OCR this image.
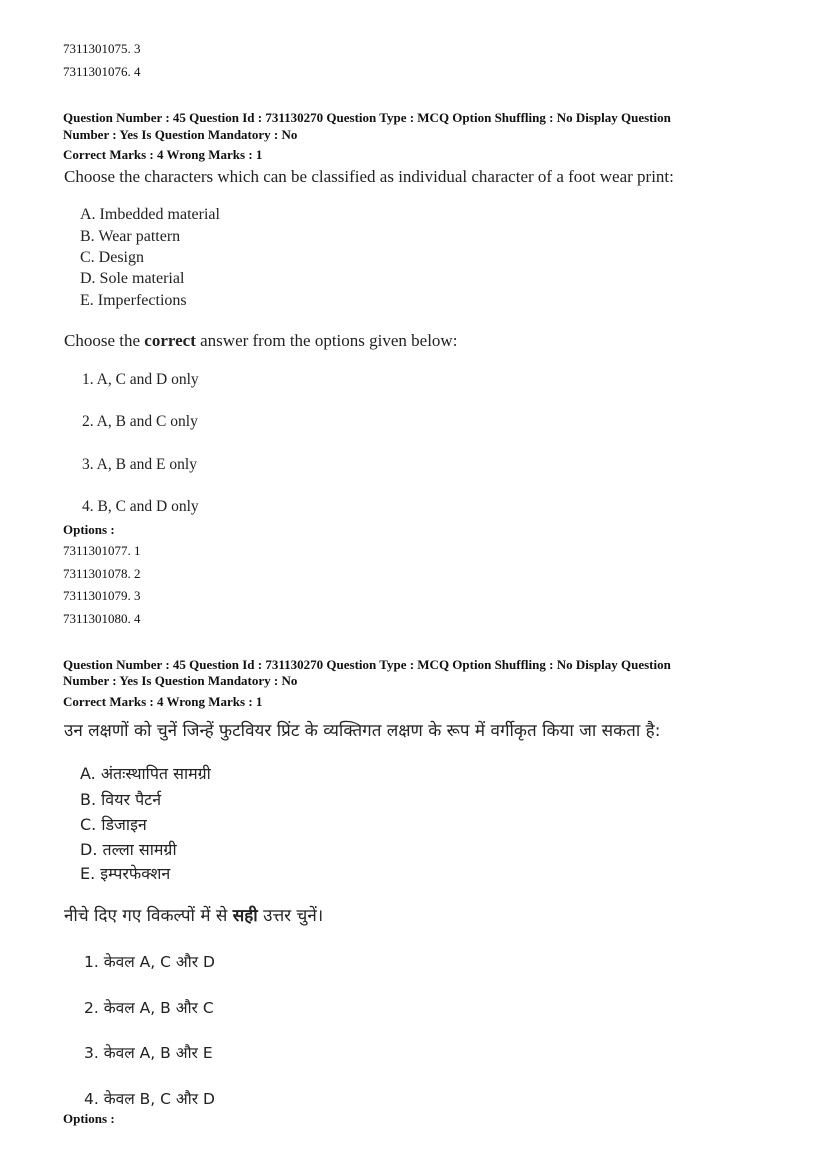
7311301075. 3
7311301076. 4
Question Number : 45 Question Id : 731130270 Question Type : MCQ Option Shuffling : No Display Question
Number : Yes Is Question Mandatory : No
Correct Marks : 4 Wrong Marks : 1
Choose the characters which can be classified as individual character of a foot wear print:
A. Imbedded material
B. Wear pattern
C. Design
D. Sole material
E. Imperfections
Choose the correct answer from the options given below:
1. A, C and D only
2. A, B and C only
3. A, B and E only
4. B, C and D only
Options :
7311301077. 1
7311301078. 2
7311301079. 3
7311301080. 4
Question Number : 45 Question Id : 731130270 Question Type : MCQ Option Shuffling : No Display Question
Number : Yes Is Question Mandatory : No
Correct Marks : 4 Wrong Marks : 1
उन लक्षणों को चुनें जिन्हें फुटवियर प्रिंट के व्यक्तिगत लक्षण के रूप में वर्गीकृत किया जा सकता है:
A. अंतःस्थापित सामग्री
B. वियर पैटर्न
C. डिजाइन
D. तल्ला सामग्री
E. इम्परफेक्शन
नीचे दिए गए विकल्पों में से सही उत्तर चुनें।
1. केवल A, C और D
2. केवल A, B और C
3. केवल A, B और E
4. केवल B, C और D
Options :
